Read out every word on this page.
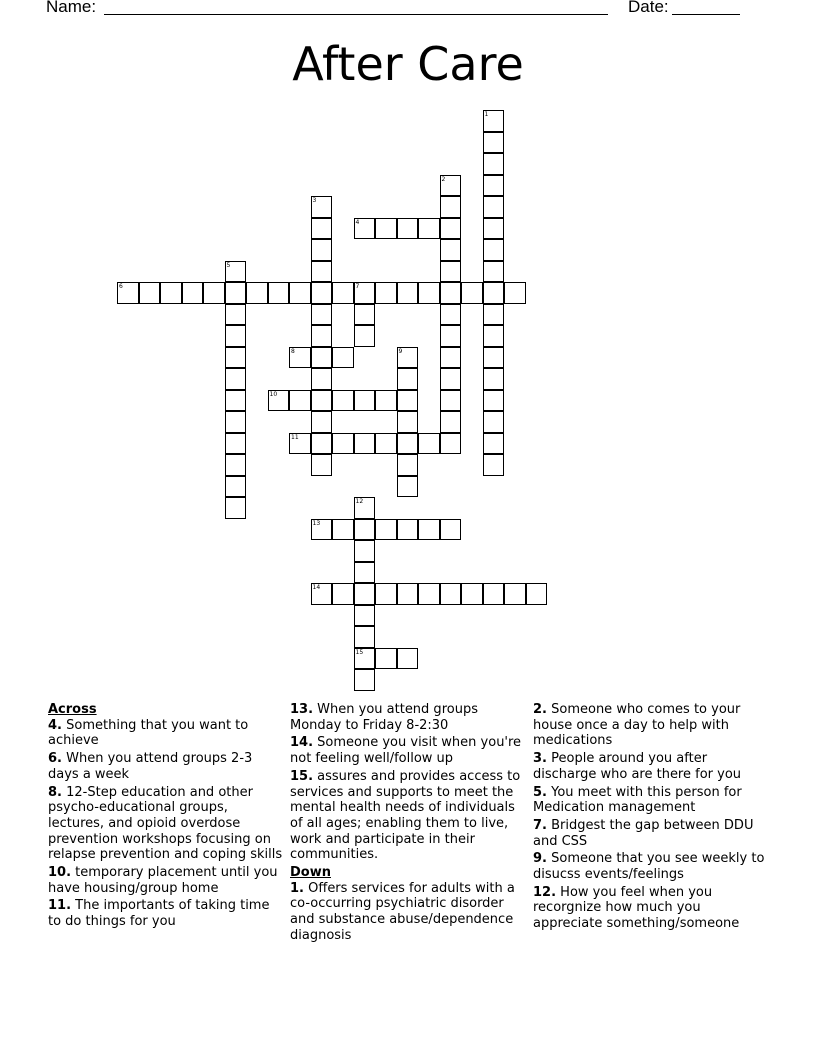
Name:	Date:
After Care
1
2
3
4
5
6	7
8	9
10
11
12
15
13
14
Across
4. Something that you want to achieve
6. When you attend groups 2-3 days a week
8. 12-Step education and other psycho-educational groups, lectures, and opioid overdose prevention workshops focusing on relapse prevention and coping skills
10. temporary placement until you have housing/group home
11. The importants of taking time to do things for you
13. When you attend groups Monday to Friday 8-2:30
14. Someone you visit when you're not feeling well/follow up
15. assures and provides access to services and supports to meet the mental health needs of individuals of all ages; enabling them to live, work and participate in their communities.
Down
1. Offers services for adults with a co-occurring psychiatric disorder and substance abuse/dependence diagnosis
2. Someone who comes to your house once a day to help with medications
3. People around you after discharge who are there for you
5. You meet with this person for Medication management
7. Bridgest the gap between DDU and CSS
9. Someone that you see weekly to disucss events/feelings
12. How you feel when you recorgnize how much you appreciate something/someone
